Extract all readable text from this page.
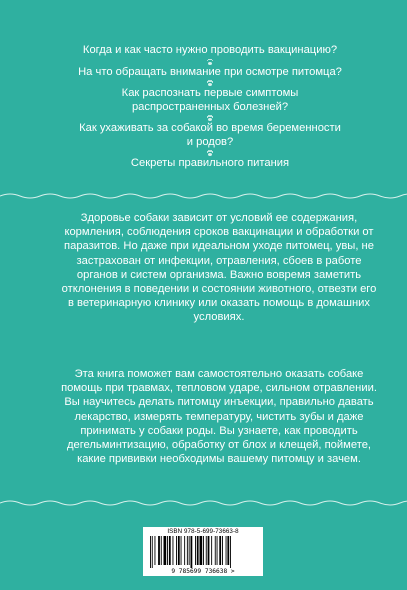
Когда и как часто нужно проводить вакцинацию?
На что обращать внимание при осмотре питомца?
Как распознать первые симптомы распространенных болезней?
Как ухаживать за собакой во время беременности и родов?
Секреты правильного питания
Здоровье собаки зависит от условий ее содержания, кормления, соблюдения сроков вакцинации и обработки от паразитов. Но даже при идеальном уходе питомец, увы, не застрахован от инфекции, отравления, сбоев в работе органов и систем организма. Важно вовремя заметить отклонения в поведении и состоянии животного, отвезти его в ветеринарную клинику или оказать помощь в домашних условиях.
Эта книга поможет вам самостоятельно оказать собаке помощь при травмах, тепловом ударе, сильном отравлении. Вы научитесь делать питомцу инъекции, правильно давать лекарство, измерять температуру, чистить зубы и даже принимать у собаки роды. Вы узнаете, как проводить дегельминтизацию, обработку от блох и клещей, поймете, какие прививки необходимы вашему питомцу и зачем.
ISBN 978-5-699-73663-8
9 785699 736638 >
